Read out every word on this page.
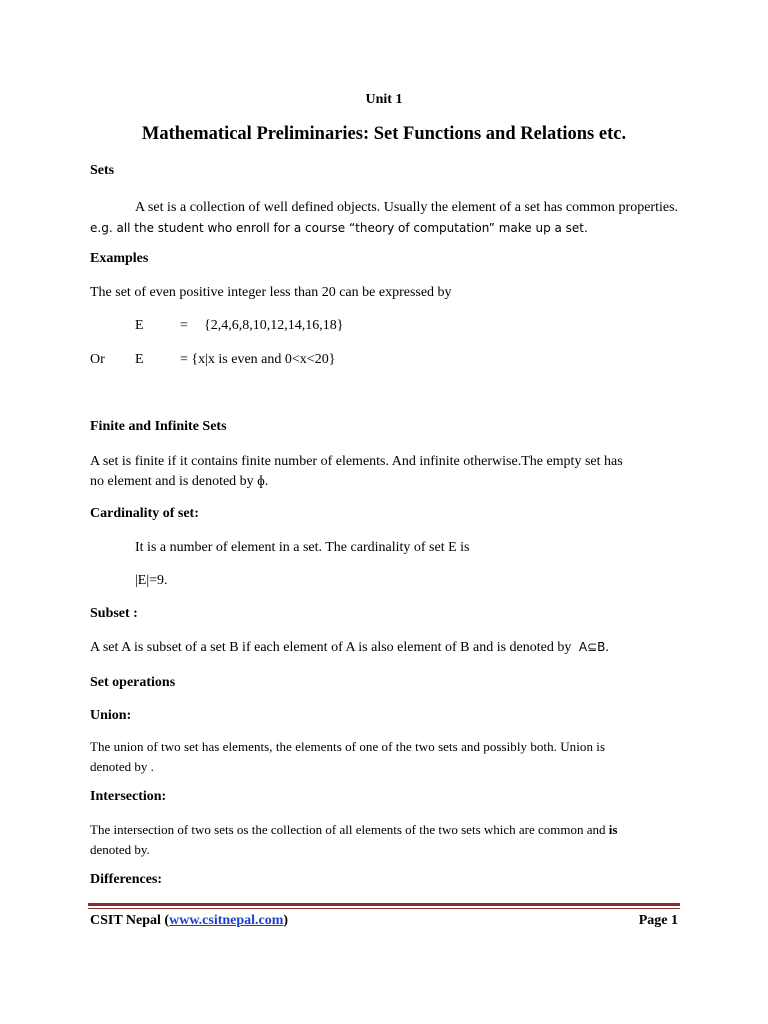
Unit 1
Mathematical Preliminaries: Set Functions and Relations etc.
Sets
A set is a collection of well defined objects. Usually the element of a set has common properties. e.g. all the student who enroll for a course “theory of computation” make up a set.
Examples
The set of even positive integer less than 20 can be expressed by
E	= {2,4,6,8,10,12,14,16,18}
Or E	= {x|x is even and 0<x<20}
Finite and Infinite Sets
A set is finite if it contains finite number of elements. And infinite otherwise.The empty set has
no element and is denoted by ɸ.
Cardinality of set:
It is a number of element in a set. The cardinality of set E is
|E|=9.
Subset :
A set A is subset of a set B if each element of A is also element of B and is denoted by A⊆B.
Set operations
Union:
The union of two set has elements, the elements of one of the two sets and possibly both. Union is
denoted by .
Intersection:
The intersection of two sets os the collection of all elements of the two sets which are common and is
denoted by.
Differences:
CSIT Nepal (www.csitnepal.com)	Page 1
